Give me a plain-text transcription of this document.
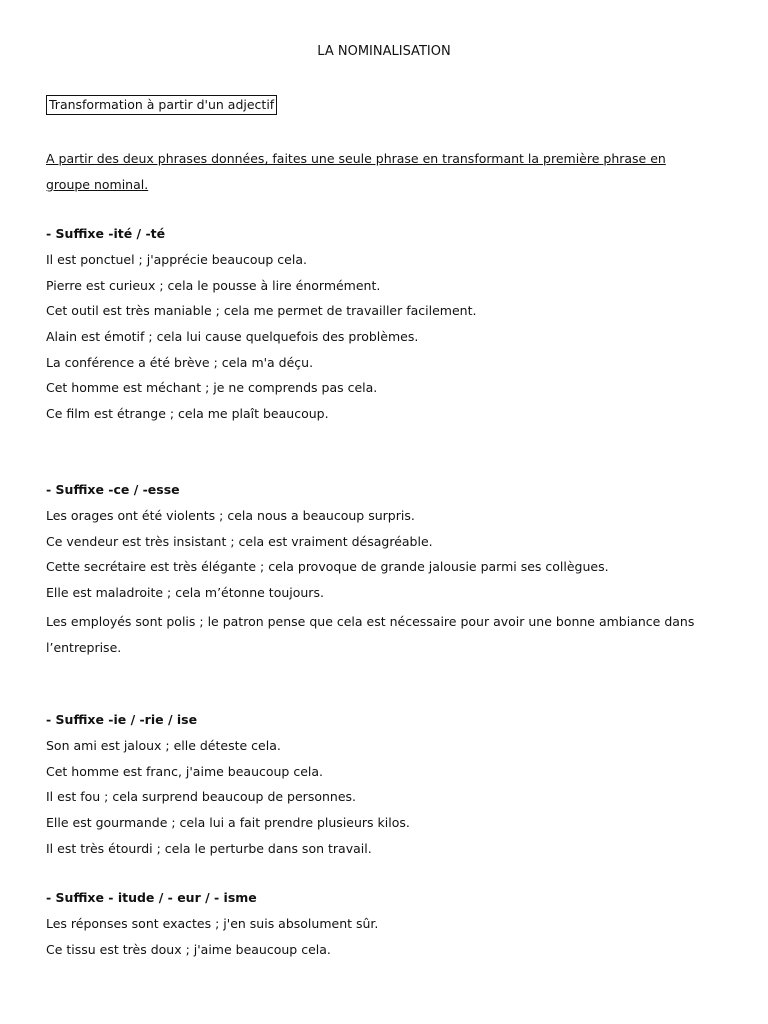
LA NOMINALISATION
Transformation à partir d'un adjectif
A partir des deux phrases données, faites une seule phrase en transformant la première phrase en groupe nominal.
- Suffixe -ité / -té
Il est ponctuel ; j'apprécie beaucoup cela.
Pierre est curieux ; cela le pousse à lire énormément.
Cet outil est très maniable ; cela me permet de travailler facilement.
Alain est émotif ; cela lui cause quelquefois des problèmes.
La conférence a été brève ; cela m'a déçu.
Cet homme est méchant ; je ne comprends pas cela.
Ce film est étrange ; cela me plaît beaucoup.
- Suffixe -ce / -esse
Les orages ont été violents ; cela nous a beaucoup surpris.
Ce vendeur est très insistant ; cela est vraiment désagréable.
Cette secrétaire est très élégante ; cela provoque de grande jalousie parmi ses collègues.
Elle est maladroite ; cela m’étonne toujours.
Les employés sont polis ; le patron pense que cela est nécessaire pour avoir une bonne ambiance dans l’entreprise.
- Suffixe -ie / -rie / ise
Son ami est jaloux ; elle déteste cela.
Cet homme est franc, j'aime beaucoup cela.
Il est fou ; cela surprend beaucoup de personnes.
Elle est gourmande ; cela lui a fait prendre plusieurs kilos.
Il est très étourdi ; cela le perturbe dans son travail.
- Suffixe - itude / - eur / - isme
Les réponses sont exactes ; j'en suis absolument sûr.
Ce tissu est très doux ; j'aime beaucoup cela.
